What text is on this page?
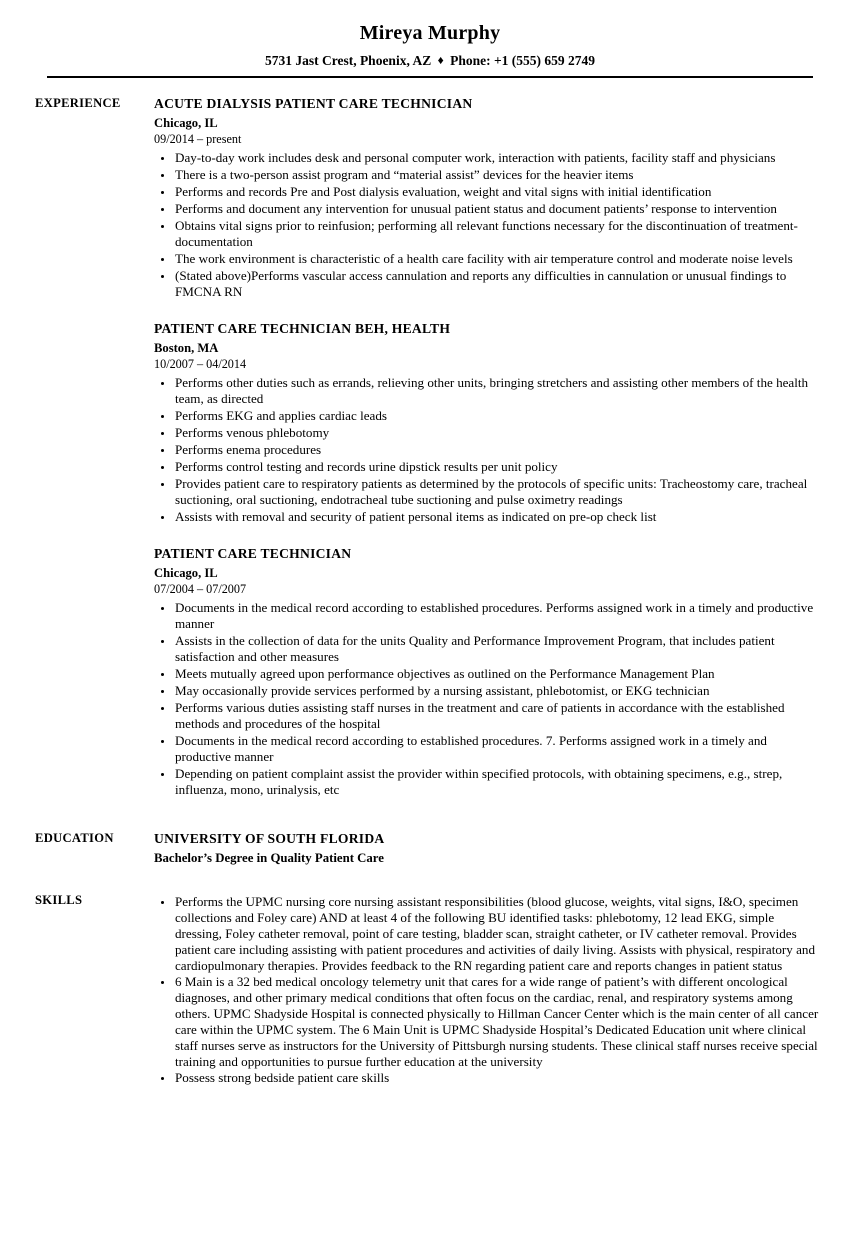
Mireya Murphy
5731 Jast Crest, Phoenix, AZ ♦ Phone: +1 (555) 659 2749
EXPERIENCE	ACUTE DIALYSIS PATIENT CARE TECHNICIAN
Chicago, IL
09/2014 – present
Day-to-day work includes desk and personal computer work, interaction with patients, facility staff and physicians
There is a two-person assist program and “material assist” devices for the heavier items
Performs and records Pre and Post dialysis evaluation, weight and vital signs with initial identification
Performs and document any intervention for unusual patient status and document patients’ response to intervention
Obtains vital signs prior to reinfusion; performing all relevant functions necessary for the discontinuation of treatment- documentation
The work environment is characteristic of a health care facility with air temperature control and moderate noise levels
(Stated above)Performs vascular access cannulation and reports any difficulties in cannulation or unusual findings to FMCNA RN
PATIENT CARE TECHNICIAN BEH, HEALTH
Boston, MA
10/2007 – 04/2014
Performs other duties such as errands, relieving other units, bringing stretchers and assisting other members of the health team, as directed
Performs EKG and applies cardiac leads
Performs venous phlebotomy
Performs enema procedures
Performs control testing and records urine dipstick results per unit policy
Provides patient care to respiratory patients as determined by the protocols of specific units: Tracheostomy care, tracheal suctioning, oral suctioning, endotracheal tube suctioning and pulse oximetry readings
Assists with removal and security of patient personal items as indicated on pre-op check list
PATIENT CARE TECHNICIAN
Chicago, IL
07/2004 – 07/2007
Documents in the medical record according to established procedures. Performs assigned work in a timely and productive manner
Assists in the collection of data for the units Quality and Performance Improvement Program, that includes patient satisfaction and other measures
Meets mutually agreed upon performance objectives as outlined on the Performance Management Plan
May occasionally provide services performed by a nursing assistant, phlebotomist, or EKG technician
Performs various duties assisting staff nurses in the treatment and care of patients in accordance with the established methods and procedures of the hospital
Documents in the medical record according to established procedures. 7. Performs assigned work in a timely and productive manner
Depending on patient complaint assist the provider within specified protocols, with obtaining specimens, e.g., strep, influenza, mono, urinalysis, etc
EDUCATION	UNIVERSITY OF SOUTH FLORIDA
Bachelor’s Degree in Quality Patient Care
SKILLS	Performs the UPMC nursing core nursing assistant responsibilities (blood glucose, weights, vital signs, I&O, specimen collections and Foley care) AND at least 4 of the following BU identified tasks: phlebotomy, 12 lead EKG, simple dressing, Foley catheter removal, point of care testing, bladder scan, straight catheter, or IV catheter removal. Provides patient care including assisting with patient procedures and activities of daily living. Assists with physical, respiratory and cardiopulmonary therapies. Provides feedback to the RN regarding patient care and reports changes in patient status
6 Main is a 32 bed medical oncology telemetry unit that cares for a wide range of patient’s with different oncological diagnoses, and other primary medical conditions that often focus on the cardiac, renal, and respiratory systems among others. UPMC Shadyside Hospital is connected physically to Hillman Cancer Center which is the main center of all cancer care within the UPMC system. The 6 Main Unit is UPMC Shadyside Hospital’s Dedicated Education unit where clinical staff nurses serve as instructors for the University of Pittsburgh nursing students. These clinical staff nurses receive special training and opportunities to pursue further education at the university
Possess strong bedside patient care skills
